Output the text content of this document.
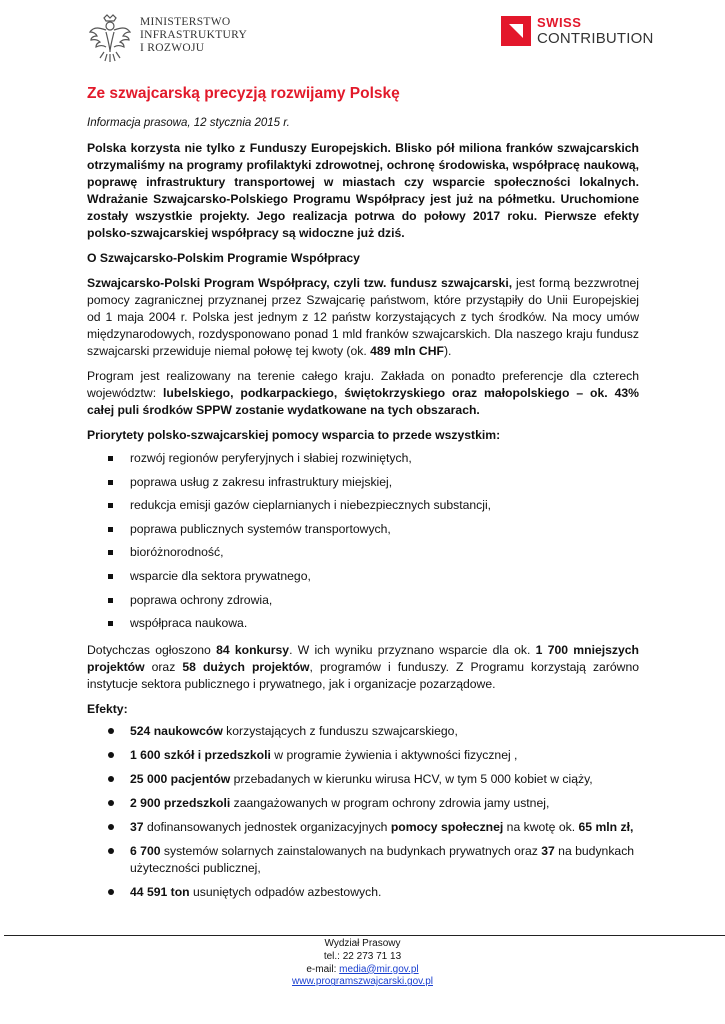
MINISTERSTWO
INFRASTRUKTURY
I ROZWOJU
SWISS
CONTRIBUTION
Ze szwajcarską precyzją rozwijamy Polskę
Informacja prasowa, 12 stycznia 2015 r.

Polska korzysta nie tylko z Funduszy Europejskich. Blisko pół miliona franków szwajcarskich otrzymaliśmy na programy profilaktyki zdrowotnej, ochronę środowiska, współpracę naukową, poprawę infrastruktury transportowej w miastach czy wsparcie społeczności lokalnych. Wdrażanie Szwajcarsko-Polskiego Programu Współpracy jest już na półmetku. Uruchomione zostały wszystkie projekty. Jego realizacja potrwa do połowy 2017 roku. Pierwsze efekty polsko-szwajcarskiej współpracy są widoczne już dziś.

O Szwajcarsko-Polskim Programie Współpracy

Szwajcarsko-Polski Program Współpracy, czyli tzw. fundusz szwajcarski, jest formą bezzwrotnej pomocy zagranicznej przyznanej przez Szwajcarię państwom, które przystąpiły do Unii Europejskiej od 1 maja 2004 r. Polska jest jednym z 12 państw korzystających z tych środków. Na mocy umów międzynarodowych, rozdysponowano ponad 1 mld franków szwajcarskich. Dla naszego kraju fundusz szwajcarski przewiduje niemal połowę tej kwoty (ok. 489 mln CHF).

Program jest realizowany na terenie całego kraju. Zakłada on ponadto preferencje dla czterech województw: lubelskiego, podkarpackiego, świętokrzyskiego oraz małopolskiego – ok. 43% całej puli środków SPPW zostanie wydatkowane na tych obszarach.

Priorytety polsko-szwajcarskiej pomocy wsparcia to przede wszystkim:

rozwój regionów peryferyjnych i słabiej rozwiniętych,
poprawa usług z zakresu infrastruktury miejskiej,
redukcja emisji gazów cieplarnianych i niebezpiecznych substancji,
poprawa publicznych systemów transportowych,
bioróżnorodność,
wsparcie dla sektora prywatnego,
poprawa ochrony zdrowia,
współpraca naukowa.

Dotychczas ogłoszono 84 konkursy. W ich wyniku przyznano wsparcie dla ok. 1 700 mniejszych projektów oraz 58 dużych projektów, programów i funduszy. Z Programu korzystają zarówno instytucje sektora publicznego i prywatnego, jak i organizacje pozarządowe.

Efekty:

524 naukowców korzystających z funduszu szwajcarskiego,
1 600 szkół i przedszkoli w programie żywienia i aktywności fizycznej ,
25 000 pacjentów przebadanych w kierunku wirusa HCV, w tym 5 000 kobiet w ciąży,
2 900 przedszkoli zaangażowanych w program ochrony zdrowia jamy ustnej,
37 dofinansowanych jednostek organizacyjnych pomocy społecznej na kwotę ok. 65 mln zł,
6 700 systemów solarnych zainstalowanych na budynkach prywatnych oraz 37 na budynkach użyteczności publicznej,
44 591 ton usuniętych odpadów azbestowych.
Wydział Prasowy
tel.: 22 273 71 13
e-mail: media@mir.gov.pl
www.programszwajcarski.gov.pl
